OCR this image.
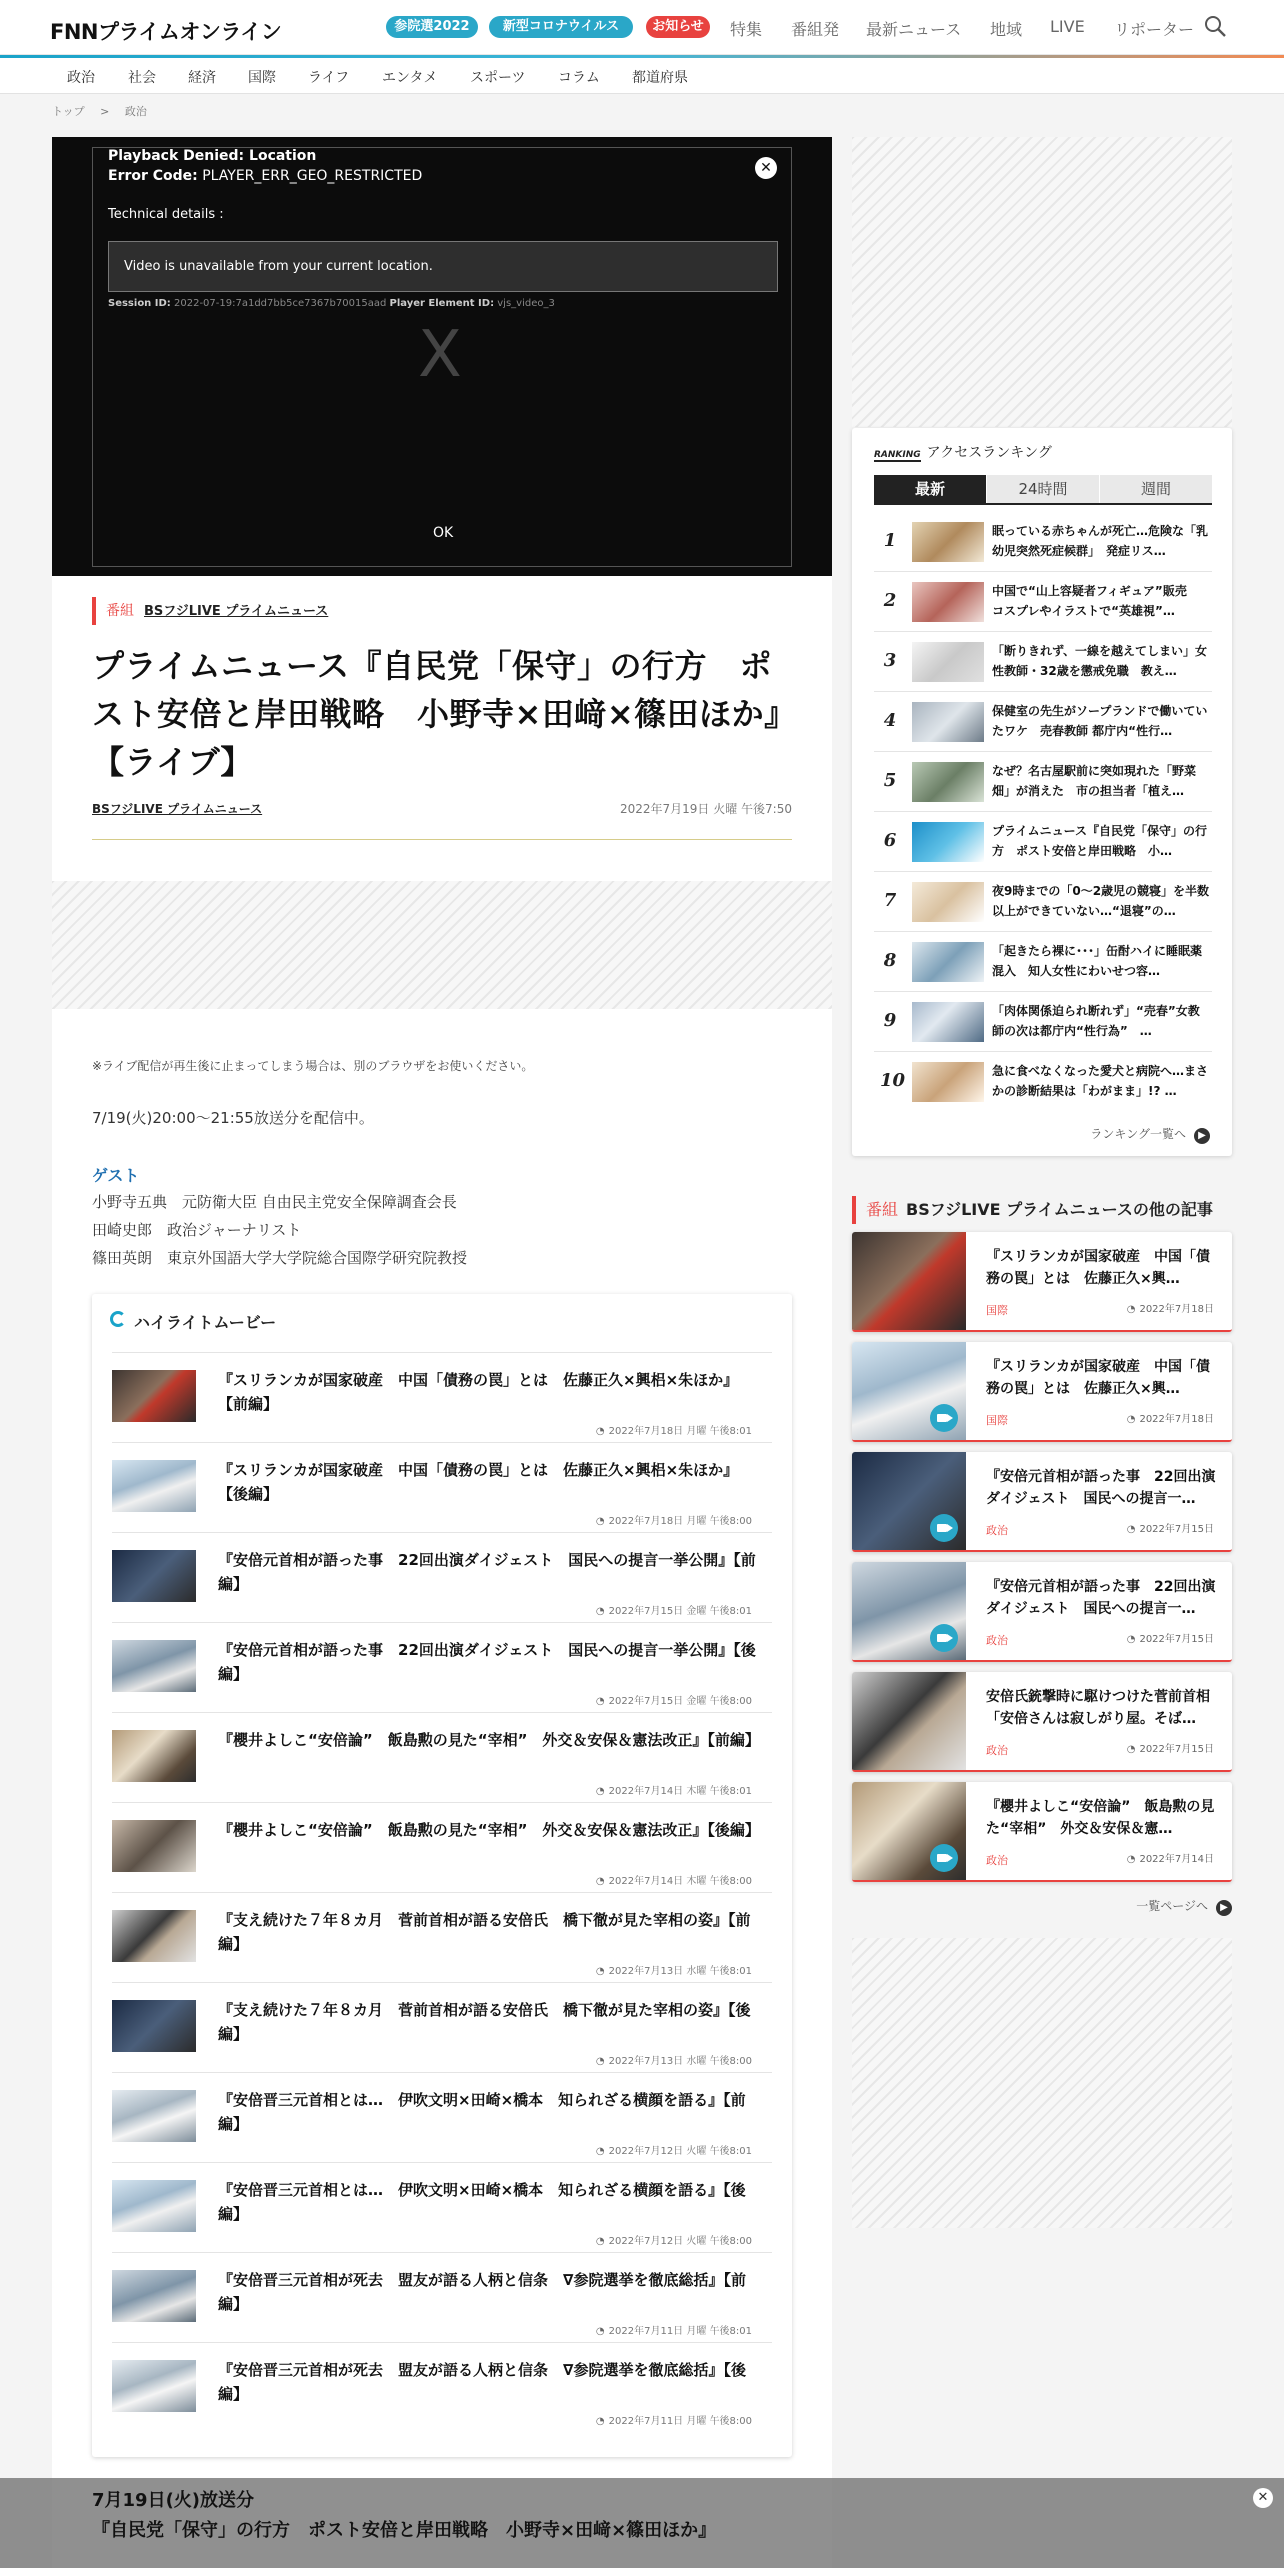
FNNプライムオンライン	参院選2022	新型コロナウイルス	お知らせ	特集 番組発 最新ニュース 地域 LIVE リポーター
政治 社会 経済 国際 ライフ エンタメ スポーツ コラム 都道府県
トップ > 政治
Playback Denied: Location
Error Code: PLAYER_ERR_GEO_RESTRICTED
Technical details :
Video is unavailable from your current location.
Session ID: 2022-07-19:7a1dd7bb5ce7367b70015aad Player Element ID: vjs_video_3
X
OK
✕
番組 BSフジLIVE プライムニュース
プライムニュース『自民党「保守」の行方　ポスト安倍と岸田戦略　小野寺×田﨑×篠田ほか』【ライブ】
BSフジLIVE プライムニュース	2022年7月19日 火曜 午後7:50
※ライブ配信が再生後に止まってしまう場合は、別のブラウザをお使いください。
7/19(火)20:00～21:55放送分を配信中。
ゲスト
小野寺五典　元防衛大臣 自由民主党安全保障調査会長
田崎史郎　政治ジャーナリスト
篠田英朗　東京外国語大学大学院総合国際学研究院教授
ハイライトムービー
『スリランカが国家破産　中国「債務の罠」とは　佐藤正久×興梠×朱ほか』【前編】
◔ 2022年7月18日 月曜 午後8:01
『スリランカが国家破産　中国「債務の罠」とは　佐藤正久×興梠×朱ほか』【後編】
◔ 2022年7月18日 月曜 午後8:00
『安倍元首相が語った事　22回出演ダイジェスト　国民への提言一挙公開』【前編】
◔ 2022年7月15日 金曜 午後8:01
『安倍元首相が語った事　22回出演ダイジェスト　国民への提言一挙公開』【後編】
◔ 2022年7月15日 金曜 午後8:00
『櫻井よしこ“安倍論”　飯島勲の見た“宰相”　外交＆安保＆憲法改正』【前編】
◔ 2022年7月14日 木曜 午後8:01
『櫻井よしこ“安倍論”　飯島勲の見た“宰相”　外交＆安保＆憲法改正』【後編】
◔ 2022年7月14日 木曜 午後8:00
『支え続けた７年８カ月　菅前首相が語る安倍氏　橋下徹が見た宰相の姿』【前編】
◔ 2022年7月13日 水曜 午後8:01
『支え続けた７年８カ月　菅前首相が語る安倍氏　橋下徹が見た宰相の姿』【後編】
◔ 2022年7月13日 水曜 午後8:00
『安倍晋三元首相とは…　伊吹文明×田崎×橋本　知られざる横顔を語る』【前編】
◔ 2022年7月12日 火曜 午後8:01
『安倍晋三元首相とは…　伊吹文明×田崎×橋本　知られざる横顔を語る』【後編】
◔ 2022年7月12日 火曜 午後8:00
『安倍晋三元首相が死去　盟友が語る人柄と信条　∇参院選挙を徹底総括』【前編】
◔ 2022年7月11日 月曜 午後8:01
『安倍晋三元首相が死去　盟友が語る人柄と信条　∇参院選挙を徹底総括』【後編】
◔ 2022年7月11日 月曜 午後8:00
RANKING アクセスランキング
最新	24時間	週間
1	眠っている赤ちゃんが死亡…危険な「乳幼児突然死症候群」　発症リス…
2	中国で“山上容疑者フィギュア”販売　コスプレやイラストで“英雄視”…
3	「断りきれず、一線を越えてしまい」女性教師・32歳を懲戒免職　教え…
4	保健室の先生がソープランドで働いていたワケ　売春教師 都庁内“性行…
5	なぜ？名古屋駅前に突如現れた「野菜畑」が消えた　市の担当者「植え…
6	プライムニュース『自民党「保守」の行方　ポスト安倍と岸田戦略　小…
7	夜9時までの「0～2歳児の競寝」を半数以上ができていない…“退寝”の…
8	「起きたら裸に･･･」缶酎ハイに睡眠薬混入　知人女性にわいせつ容…
9	「肉体関係迫られ断れず」“売春”女教師の次は都庁内“性行為”　…
10	急に食べなくなった愛犬と病院へ…まさかの診断結果は「わがまま」!? …
ランキング一覧へ ▶
番組 BSフジLIVE プライムニュースの他の記事
『スリランカが国家破産　中国「債務の罠」とは　佐藤正久×興…
国際	◔ 2022年7月18日
『スリランカが国家破産　中国「債務の罠」とは　佐藤正久×興…
国際	◔ 2022年7月18日
『安倍元首相が語った事　22回出演ダイジェスト　国民への提言一…
政治	◔ 2022年7月15日
『安倍元首相が語った事　22回出演ダイジェスト　国民への提言一…
政治	◔ 2022年7月15日
安倍氏銃撃時に駆けつけた菅前首相「安倍さんは寂しがり屋。そば…
政治	◔ 2022年7月15日
『櫻井よしこ“安倍論”　飯島勲の見た“宰相”　外交＆安保＆憲…
政治	◔ 2022年7月14日
一覧ページへ ▶
7月19日(火)放送分
『自民党「保守」の行方　ポスト安倍と岸田戦略　小野寺×田﨑×篠田ほか』
✕
